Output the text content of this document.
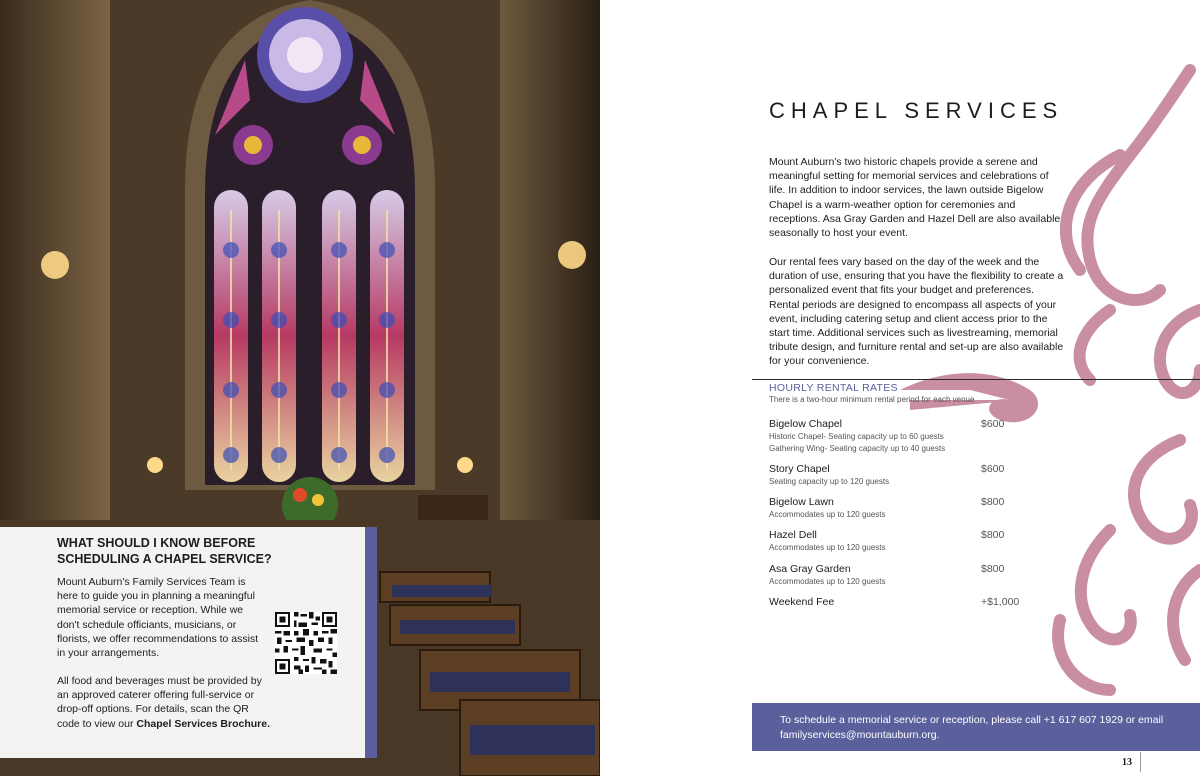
WHAT SHOULD I KNOW BEFORE SCHEDULING A CHAPEL SERVICE?

Mount Auburn's Family Services Team is here to guide you in planning a meaningful memorial service or reception. While we don't schedule officiants, musicians, or florists, we offer recommendations to assist in your arrangements.

All food and beverages must be provided by an approved caterer offering full-service or drop-off options. For details, scan the QR code to view our Chapel Services Brochure.

CHAPEL SERVICES

Mount Auburn's two historic chapels provide a serene and meaningful setting for memorial services and celebrations of life. In addition to indoor services, the lawn outside Bigelow Chapel is a warm-weather option for ceremonies and receptions. Asa Gray Garden and Hazel Dell are also available seasonally to host your event.

Our rental fees vary based on the day of the week and the duration of use, ensuring that you have the flexibility to create a personalized event that fits your budget and preferences. Rental periods are designed to encompass all aspects of your event, including catering setup and client access prior to the start time. Additional services such as livestreaming, memorial tribute design, and furniture rental and set-up are also available for your convenience.

HOURLY RENTAL RATES

There is a two-hour minimum rental period for each venue

Bigelow Chapel
Historic Chapel- Seating capacity up to 60 guests
Gathering Wing- Seating capacity up to 40 guests
$600
Story Chapel
Seating capacity up to 120 guests
$600
Bigelow Lawn
Accommodates up to 120 guests
$800
Hazel Dell
Accommodates up to 120 guests
$800
Asa Gray Garden
Accommodates up to 120 guests
$800
Weekend Fee	+$1,000

To schedule a memorial service or reception, please call +1 617 607 1929 or email familyservices@mountauburn.org.

13
